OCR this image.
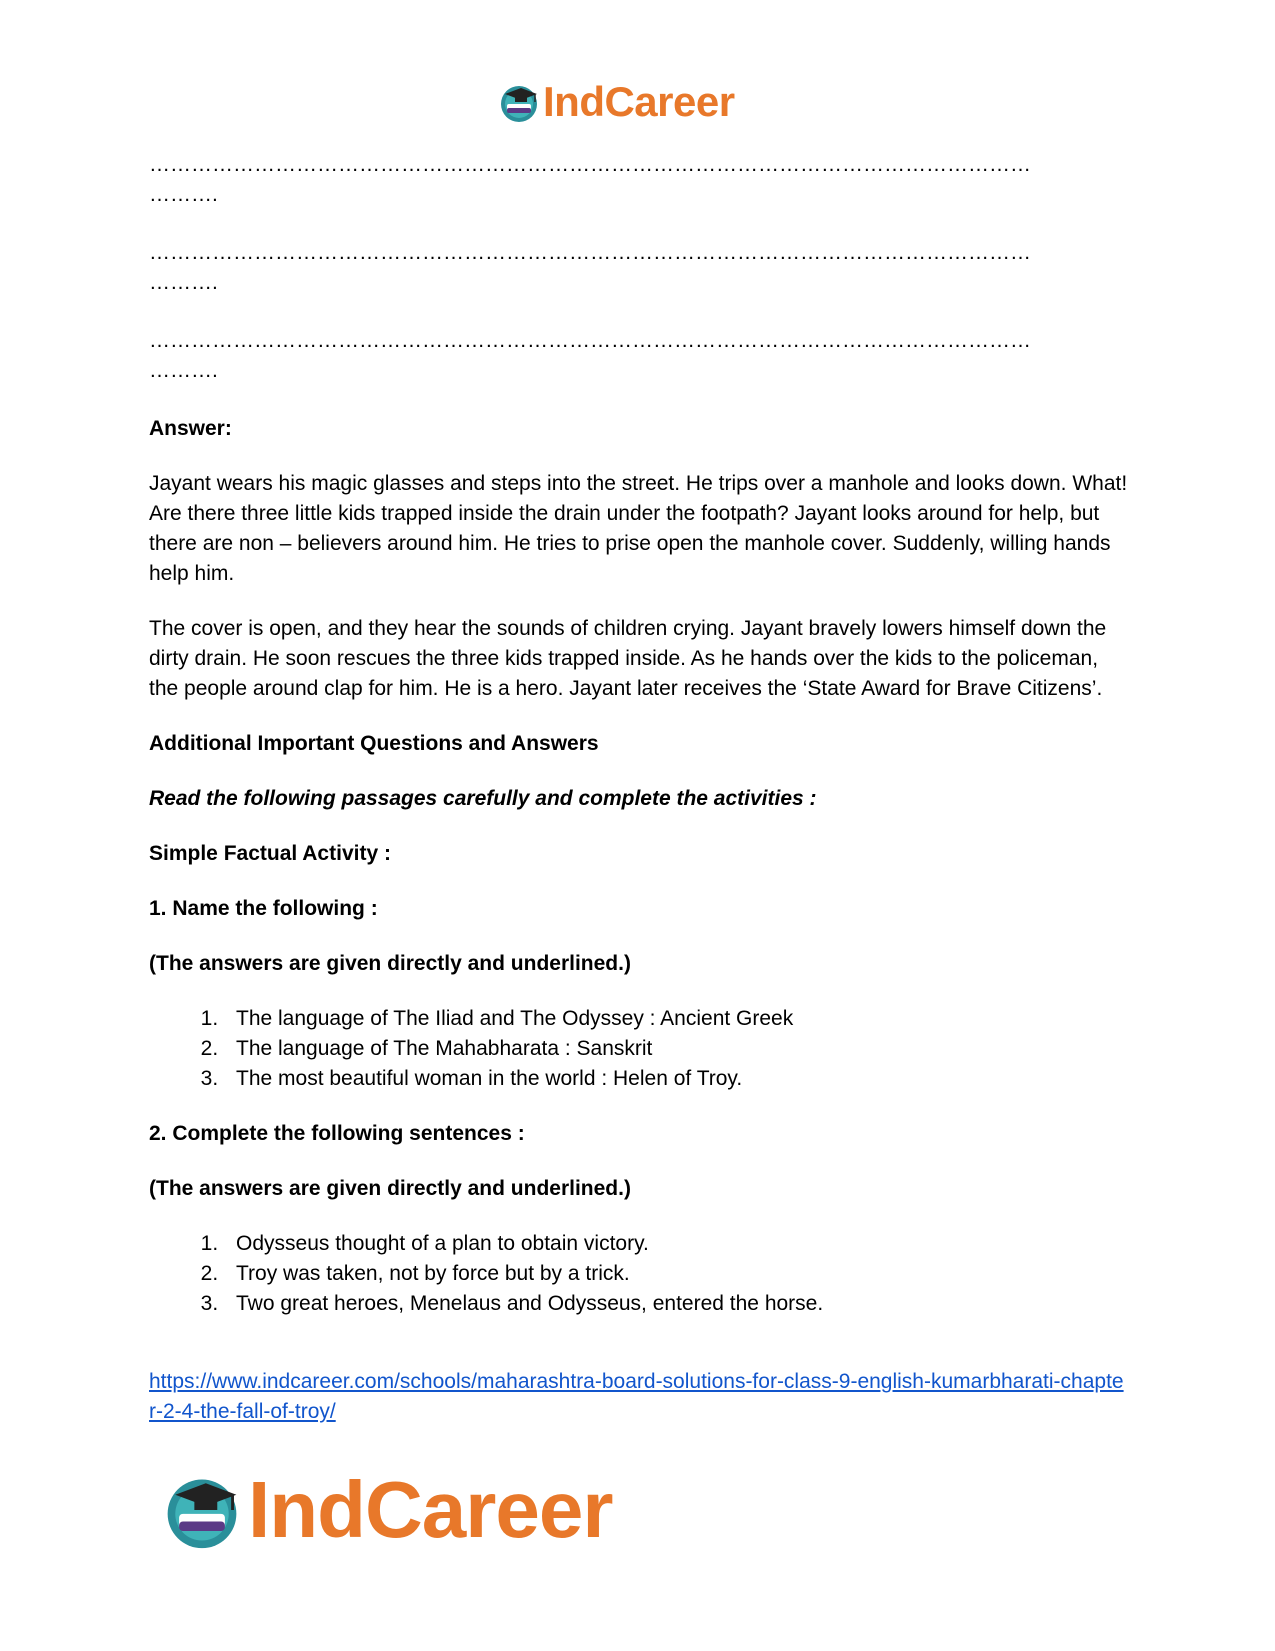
IndCareer
………………………………………………………………………………………………………………
……….
………………………………………………………………………………………………………………
……….
………………………………………………………………………………………………………………
……….

Answer:

Jayant wears his magic glasses and steps into the street. He trips over a manhole and looks down. What! Are there three little kids trapped inside the drain under the footpath? Jayant looks around for help, but there are non – believers around him. He tries to prise open the manhole cover. Suddenly, willing hands help him.

The cover is open, and they hear the sounds of children crying. Jayant bravely lowers himself down the dirty drain. He soon rescues the three kids trapped inside. As he hands over the kids to the policeman, the people around clap for him. He is a hero. Jayant later receives the ‘State Award for Brave Citizens’.

Additional Important Questions and Answers

Read the following passages carefully and complete the activities :

Simple Factual Activity :

1. Name the following :

(The answers are given directly and underlined.)

1. The language of The Iliad and The Odyssey : Ancient Greek
2. The language of The Mahabharata : Sanskrit
3. The most beautiful woman in the world : Helen of Troy.

2. Complete the following sentences :

(The answers are given directly and underlined.)

1. Odysseus thought of a plan to obtain victory.
2. Troy was taken, not by force but by a trick.
3. Two great heroes, Menelaus and Odysseus, entered the horse.
https://www.indcareer.com/schools/maharashtra-board-solutions-for-class-9-english-kumarbharati-chapter-2-4-the-fall-of-troy/
IndCareer
